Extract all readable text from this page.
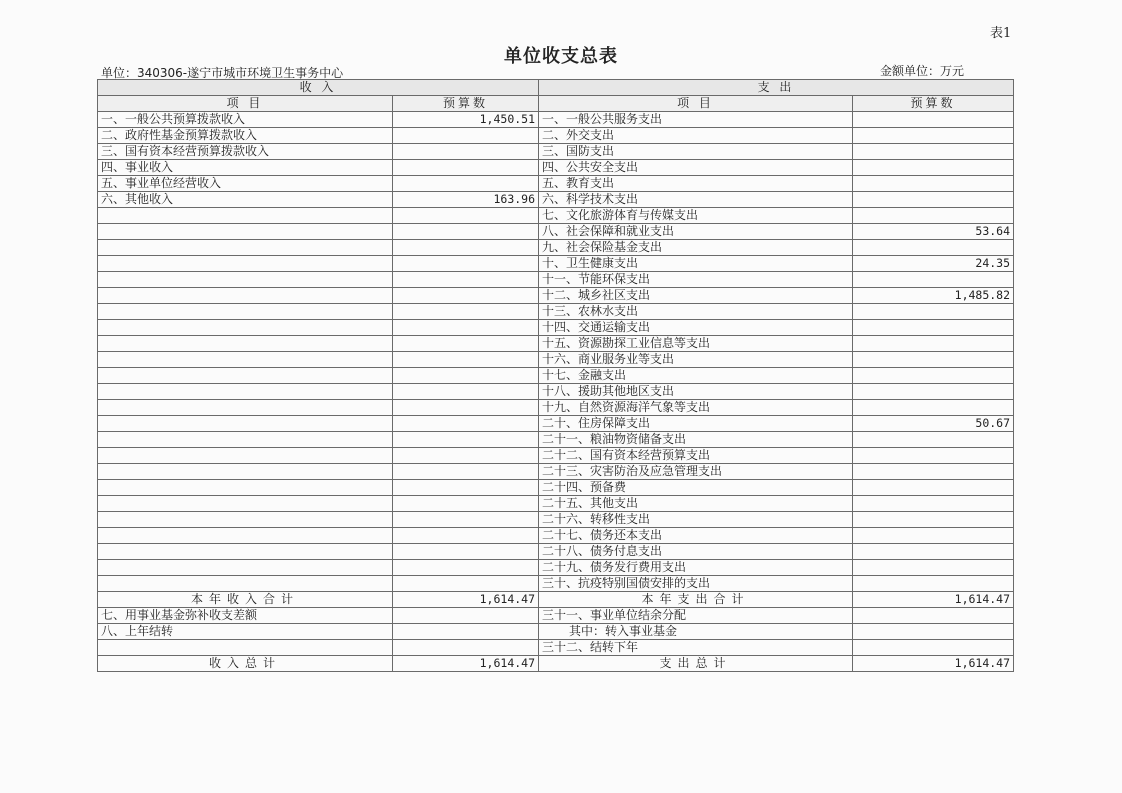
表1
单位收支总表
单位：340306-遂宁市城市环境卫生事务中心	金额单位：万元
收 入		支 出	
项 目	预算数	项 目	预算数
一、一般公共预算拨款收入	1,450.51	一、一般公共服务支出	
二、政府性基金预算拨款收入		二、外交支出	
三、国有资本经营预算拨款收入		三、国防支出	
四、事业收入		四、公共安全支出	
五、事业单位经营收入		五、教育支出	
六、其他收入	163.96	六、科学技术支出	
		七、文化旅游体育与传媒支出	
		八、社会保障和就业支出	53.64
		九、社会保险基金支出	
		十、卫生健康支出	24.35
		十一、节能环保支出	
		十二、城乡社区支出	1,485.82
		十三、农林水支出	
		十四、交通运输支出	
		十五、资源勘探工业信息等支出	
		十六、商业服务业等支出	
		十七、金融支出	
		十八、援助其他地区支出	
		十九、自然资源海洋气象等支出	
		二十、住房保障支出	50.67
		二十一、粮油物资储备支出	
		二十二、国有资本经营预算支出	
		二十三、灾害防治及应急管理支出	
		二十四、预备费	
		二十五、其他支出	
		二十六、转移性支出	
		二十七、债务还本支出	
		二十八、债务付息支出	
		二十九、债务发行费用支出	
		三十、抗疫特别国债安排的支出	
本年收入合计	1,614.47	本年支出合计	1,614.47
七、用事业基金弥补收支差额		三十一、事业单位结余分配	
八、上年结转		其中：转入事业基金	
		三十二、结转下年	
收入总计	1,614.47	支出总计	1,614.47
